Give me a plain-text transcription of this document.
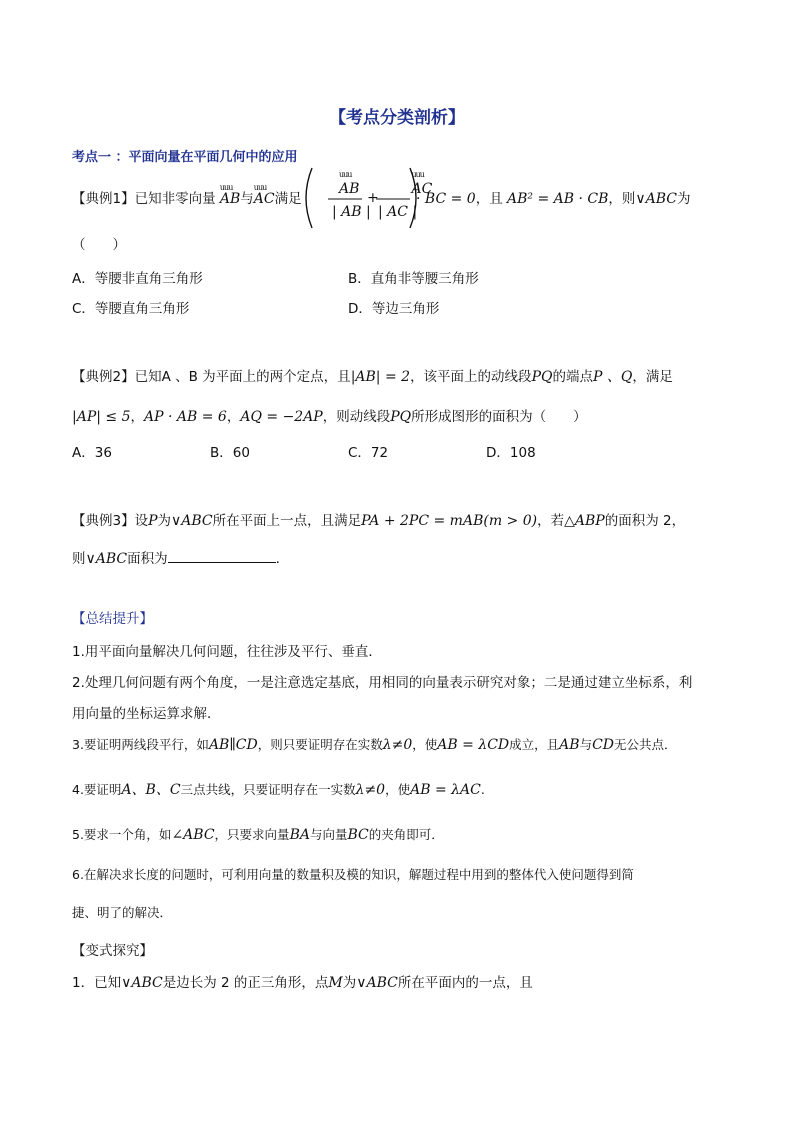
【考点分类剖析】
考点一 ：平面向量在平面几何中的应用
【典例1】已知非零向量 uuu AB与uuu AC满足
uuu AB
| AB |
+
uuu AC
| AC |
· BC = 0，且 AB² = AB · CB，则∨ABC为
（　　）
A．等腰非直角三角形	B．直角非等腰三角形
C．等腰直角三角形	D．等边三角形
【典例2】已知A 、B 为平面上的两个定点，且|AB| = 2，该平面上的动线段PQ的端点P 、Q，满足
|AP| ≤ 5，AP · AB = 6，AQ = −2AP，则动线段PQ所形成图形的面积为（　　）
A．36	B．60	C．72	D．108
【典例3】设P为∨ABC所在平面上一点，且满足PA + 2PC = mAB(m > 0)，若△ABP的面积为 2，
则∨ABC面积为	.
【总结提升】
1.用平面向量解决几何问题，往往涉及平行、垂直．
2.处理几何问题有两个角度，一是注意选定基底，用相同的向量表示研究对象；二是通过建立坐标系，利
用向量的坐标运算求解．
3.要证明两线段平行，如AB∥CD，则只要证明存在实数λ≠0，使AB = λCD成立，且AB与CD无公共点．
4.要证明A、B、C三点共线，只要证明存在一实数λ≠0，使AB = λAC.
5.要求一个角，如∠ABC，只要求向量BA与向量BC的夹角即可．
6.在解决求长度的问题时，可利用向量的数量积及模的知识，解题过程中用到的整体代入使问题得到简
捷、明了的解决．
【变式探究】
1．已知∨ABC是边长为 2 的正三角形，点M为∨ABC所在平面内的一点，且
